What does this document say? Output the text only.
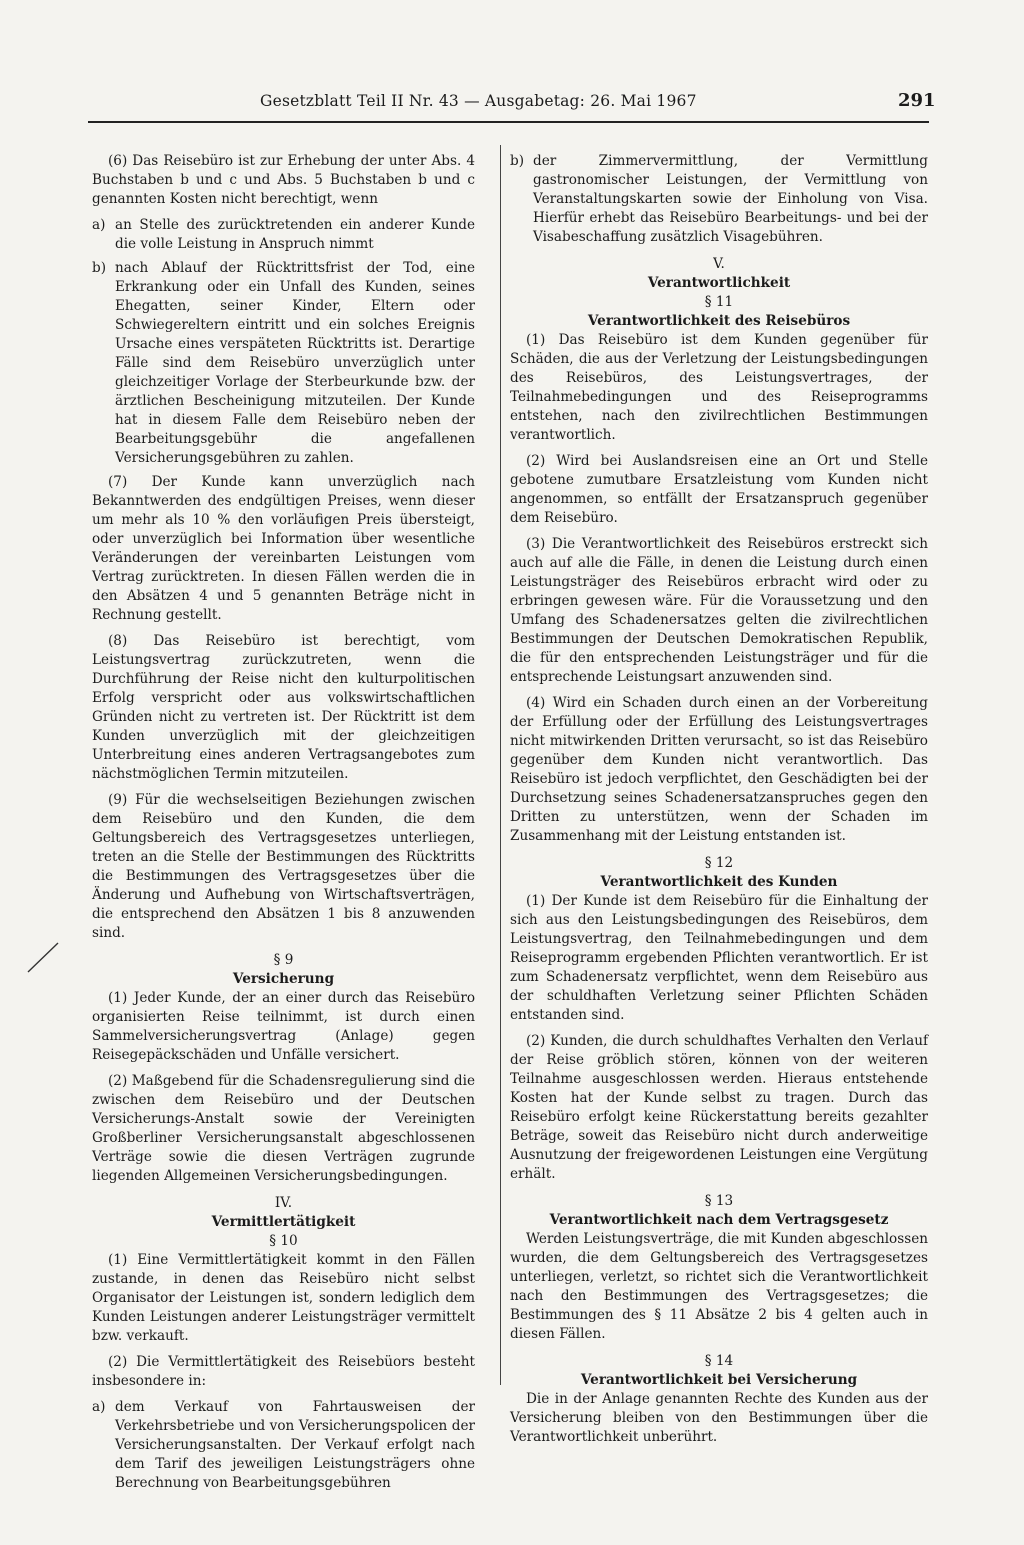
Gesetzblatt Teil II Nr. 43 — Ausgabetag: 26. Mai 1967	291

(6) Das Reisebüro ist zur Erhebung der unter Abs. 4 Buchstaben b und c und Abs. 5 Buchstaben b und c genannten Kosten nicht berechtigt, wenn

a) an Stelle des zurücktretenden ein anderer Kunde die volle Leistung in Anspruch nimmt
b) nach Ablauf der Rücktrittsfrist der Tod, eine Erkrankung oder ein Unfall des Kunden, seines Ehegatten, seiner Kinder, Eltern oder Schwiegereltern eintritt und ein solches Ereignis Ursache eines verspäteten Rücktritts ist. Derartige Fälle sind dem Reisebüro unverzüglich unter gleichzeitiger Vorlage der Sterbeurkunde bzw. der ärztlichen Bescheinigung mitzuteilen. Der Kunde hat in diesem Falle dem Reisebüro neben der Bearbeitungsgebühr die angefallenen Versicherungsgebühren zu zahlen.

(7) Der Kunde kann unverzüglich nach Bekanntwerden des endgültigen Preises, wenn dieser um mehr als 10 % den vorläufigen Preis übersteigt, oder unverzüglich bei Information über wesentliche Veränderungen der vereinbarten Leistungen vom Vertrag zurücktreten. In diesen Fällen werden die in den Absätzen 4 und 5 genannten Beträge nicht in Rechnung gestellt.

(8) Das Reisebüro ist berechtigt, vom Leistungsvertrag zurückzutreten, wenn die Durchführung der Reise nicht den kulturpolitischen Erfolg verspricht oder aus volkswirtschaftlichen Gründen nicht zu vertreten ist. Der Rücktritt ist dem Kunden unverzüglich mit der gleichzeitigen Unterbreitung eines anderen Vertragsangebotes zum nächstmöglichen Termin mitzuteilen.

(9) Für die wechselseitigen Beziehungen zwischen dem Reisebüro und den Kunden, die dem Geltungsbereich des Vertragsgesetzes unterliegen, treten an die Stelle der Bestimmungen des Rücktritts die Bestimmungen des Vertragsgesetzes über die Änderung und Aufhebung von Wirtschaftsverträgen, die entsprechend den Absätzen 1 bis 8 anzuwenden sind.

§ 9

Versicherung

(1) Jeder Kunde, der an einer durch das Reisebüro organisierten Reise teilnimmt, ist durch einen Sammelversicherungsvertrag (Anlage) gegen Reisegepäckschäden und Unfälle versichert.

(2) Maßgebend für die Schadensregulierung sind die zwischen dem Reisebüro und der Deutschen Versicherungs-Anstalt sowie der Vereinigten Großberliner Versicherungsanstalt abgeschlossenen Verträge sowie die diesen Verträgen zugrunde liegenden Allgemeinen Versicherungsbedingungen.

IV.

Vermittlertätigkeit

§ 10

(1) Eine Vermittlertätigkeit kommt in den Fällen zustande, in denen das Reisebüro nicht selbst Organisator der Leistungen ist, sondern lediglich dem Kunden Leistungen anderer Leistungsträger vermittelt bzw. verkauft.

(2) Die Vermittlertätigkeit des Reisebüors besteht insbesondere in:

a) dem Verkauf von Fahrtausweisen der Verkehrsbetriebe und von Versicherungspolicen der Versicherungsanstalten. Der Verkauf erfolgt nach dem Tarif des jeweiligen Leistungsträgers ohne Berechnung von Bearbeitungsgebühren
b) der Zimmervermittlung, der Vermittlung gastronomischer Leistungen, der Vermittlung von Veranstaltungskarten sowie der Einholung von Visa. Hierfür erhebt das Reisebüro Bearbeitungs- und bei der Visabeschaffung zusätzlich Visagebühren.

V.

Verantwortlichkeit

§ 11

Verantwortlichkeit des Reisebüros

(1) Das Reisebüro ist dem Kunden gegenüber für Schäden, die aus der Verletzung der Leistungsbedingungen des Reisebüros, des Leistungsvertrages, der Teilnahmebedingungen und des Reiseprogramms entstehen, nach den zivilrechtlichen Bestimmungen verantwortlich.

(2) Wird bei Auslandsreisen eine an Ort und Stelle gebotene zumutbare Ersatzleistung vom Kunden nicht angenommen, so entfällt der Ersatzanspruch gegenüber dem Reisebüro.

(3) Die Verantwortlichkeit des Reisebüros erstreckt sich auch auf alle die Fälle, in denen die Leistung durch einen Leistungsträger des Reisebüros erbracht wird oder zu erbringen gewesen wäre. Für die Voraussetzung und den Umfang des Schadenersatzes gelten die zivilrechtlichen Bestimmungen der Deutschen Demokratischen Republik, die für den entsprechenden Leistungsträger und für die entsprechende Leistungsart anzuwenden sind.

(4) Wird ein Schaden durch einen an der Vorbereitung der Erfüllung oder der Erfüllung des Leistungsvertrages nicht mitwirkenden Dritten verursacht, so ist das Reisebüro gegenüber dem Kunden nicht verantwortlich. Das Reisebüro ist jedoch verpflichtet, den Geschädigten bei der Durchsetzung seines Schadenersatzanspruches gegen den Dritten zu unterstützen, wenn der Schaden im Zusammenhang mit der Leistung entstanden ist.

§ 12

Verantwortlichkeit des Kunden

(1) Der Kunde ist dem Reisebüro für die Einhaltung der sich aus den Leistungsbedingungen des Reisebüros, dem Leistungsvertrag, den Teilnahmebedingungen und dem Reiseprogramm ergebenden Pflichten verantwortlich. Er ist zum Schadenersatz verpflichtet, wenn dem Reisebüro aus der schuldhaften Verletzung seiner Pflichten Schäden entstanden sind.

(2) Kunden, die durch schuldhaftes Verhalten den Verlauf der Reise gröblich stören, können von der weiteren Teilnahme ausgeschlossen werden. Hieraus entstehende Kosten hat der Kunde selbst zu tragen. Durch das Reisebüro erfolgt keine Rückerstattung bereits gezahlter Beträge, soweit das Reisebüro nicht durch anderweitige Ausnutzung der freigewordenen Leistungen eine Vergütung erhält.

§ 13

Verantwortlichkeit nach dem Vertragsgesetz

Werden Leistungsverträge, die mit Kunden abgeschlossen wurden, die dem Geltungsbereich des Vertragsgesetzes unterliegen, verletzt, so richtet sich die Verantwortlichkeit nach den Bestimmungen des Vertragsgesetzes; die Bestimmungen des § 11 Absätze 2 bis 4 gelten auch in diesen Fällen.

§ 14

Verantwortlichkeit bei Versicherung

Die in der Anlage genannten Rechte des Kunden aus der Versicherung bleiben von den Bestimmungen über die Verantwortlichkeit unberührt.
